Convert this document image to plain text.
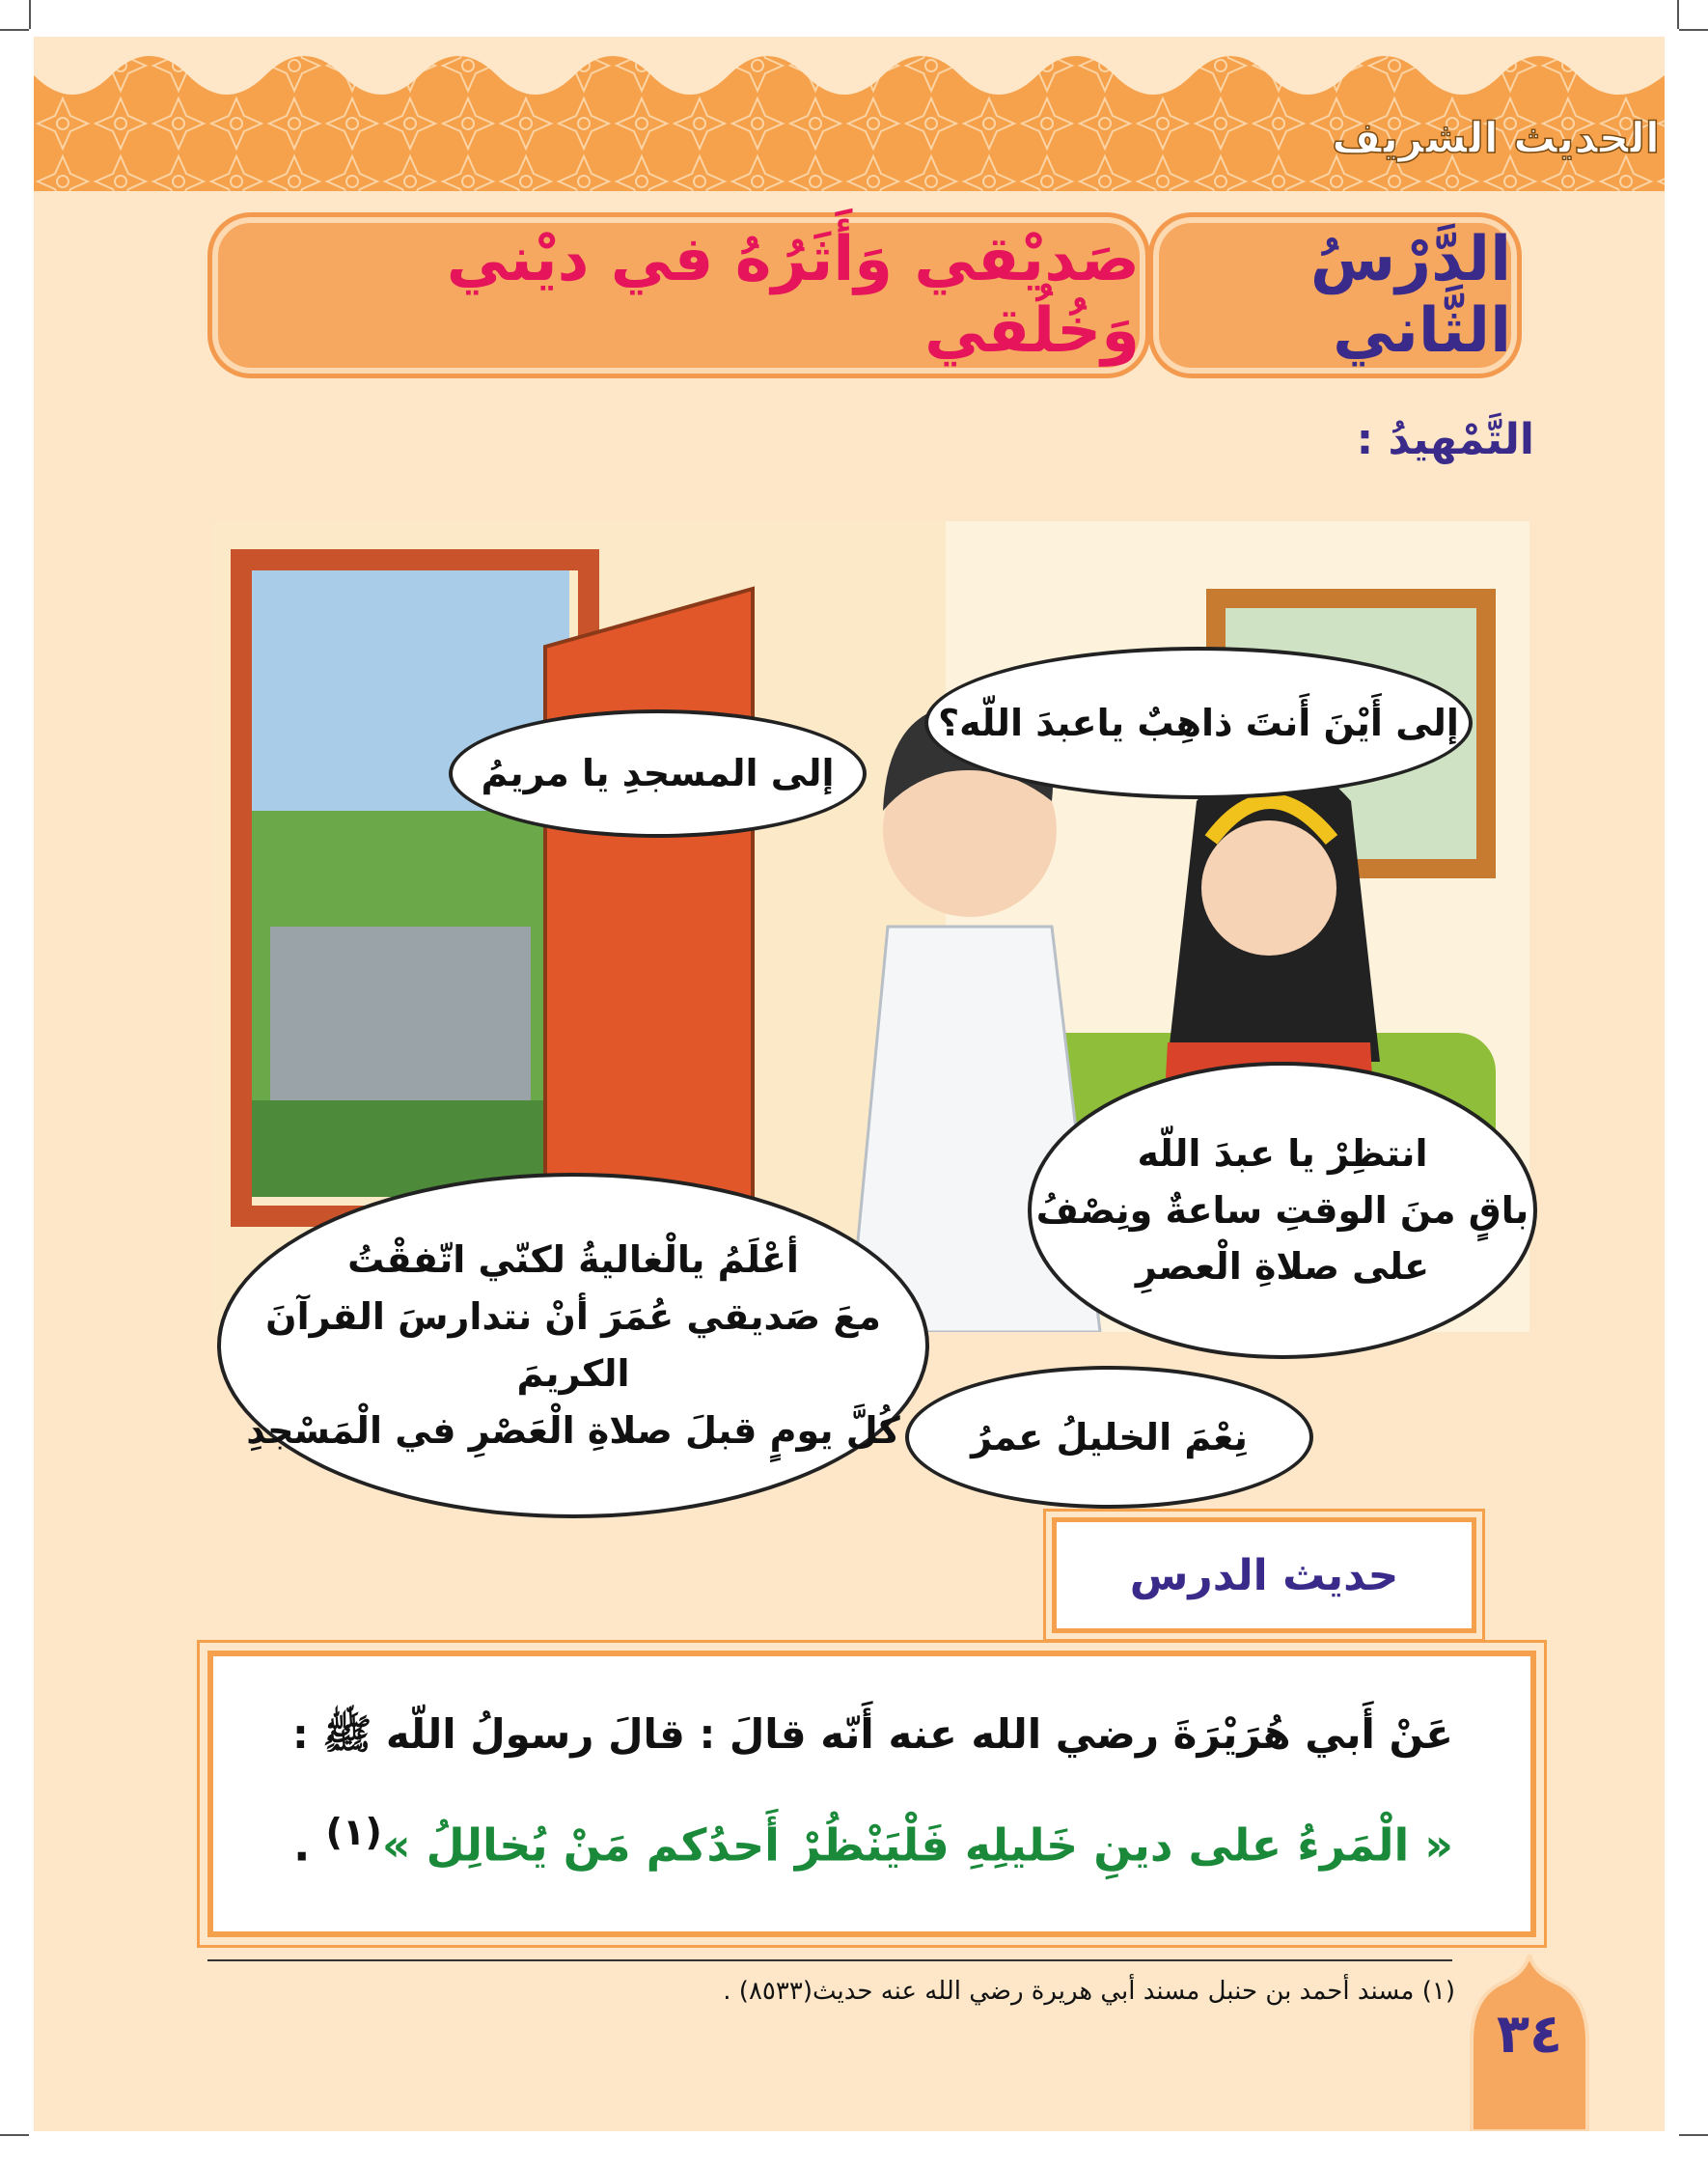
الحديث الشريف
الدَّرْسُ الثَّاني
صَديْقي وَأَثَرُهُ في ديْني وَخُلُقي
التَّمْهيدُ :
إلى أَيْنَ أَنتَ ذاهِبٌ ياعبدَ اللّه؟
إلى المسجدِ يا مريمُ
انتظِرْ يا عبدَ اللّه
باقٍ منَ الوقتِ ساعةٌ ونِصْفُ
على صلاةِ الْعصرِ
أعْلَمُ يالْغاليةُ لكنّي اتّفقْتُ
معَ صَديقي عُمَرَ أنْ نتدارسَ القرآنَ الكريمَ
كُلَّ يومٍ قبلَ صلاةِ الْعَصْرِ في الْمَسْجدِ نِعْمَ الخليلُ عمرُ
حديث الدرس
عَنْ أَبي هُرَيْرَةَ رضي الله عنه أَنّه قالَ : قالَ رسولُ اللّه ﷺ :
« الْمَرءُ على دينِ خَليلِهِ فَلْيَنْظُرْ أَحدُكم مَنْ يُخالِلُ »$^{(١)}$ .
(١) مسند أحمد بن حنبل مسند أبي هريرة رضي الله عنه حديث(٨٥٣٣) .
٣٤
